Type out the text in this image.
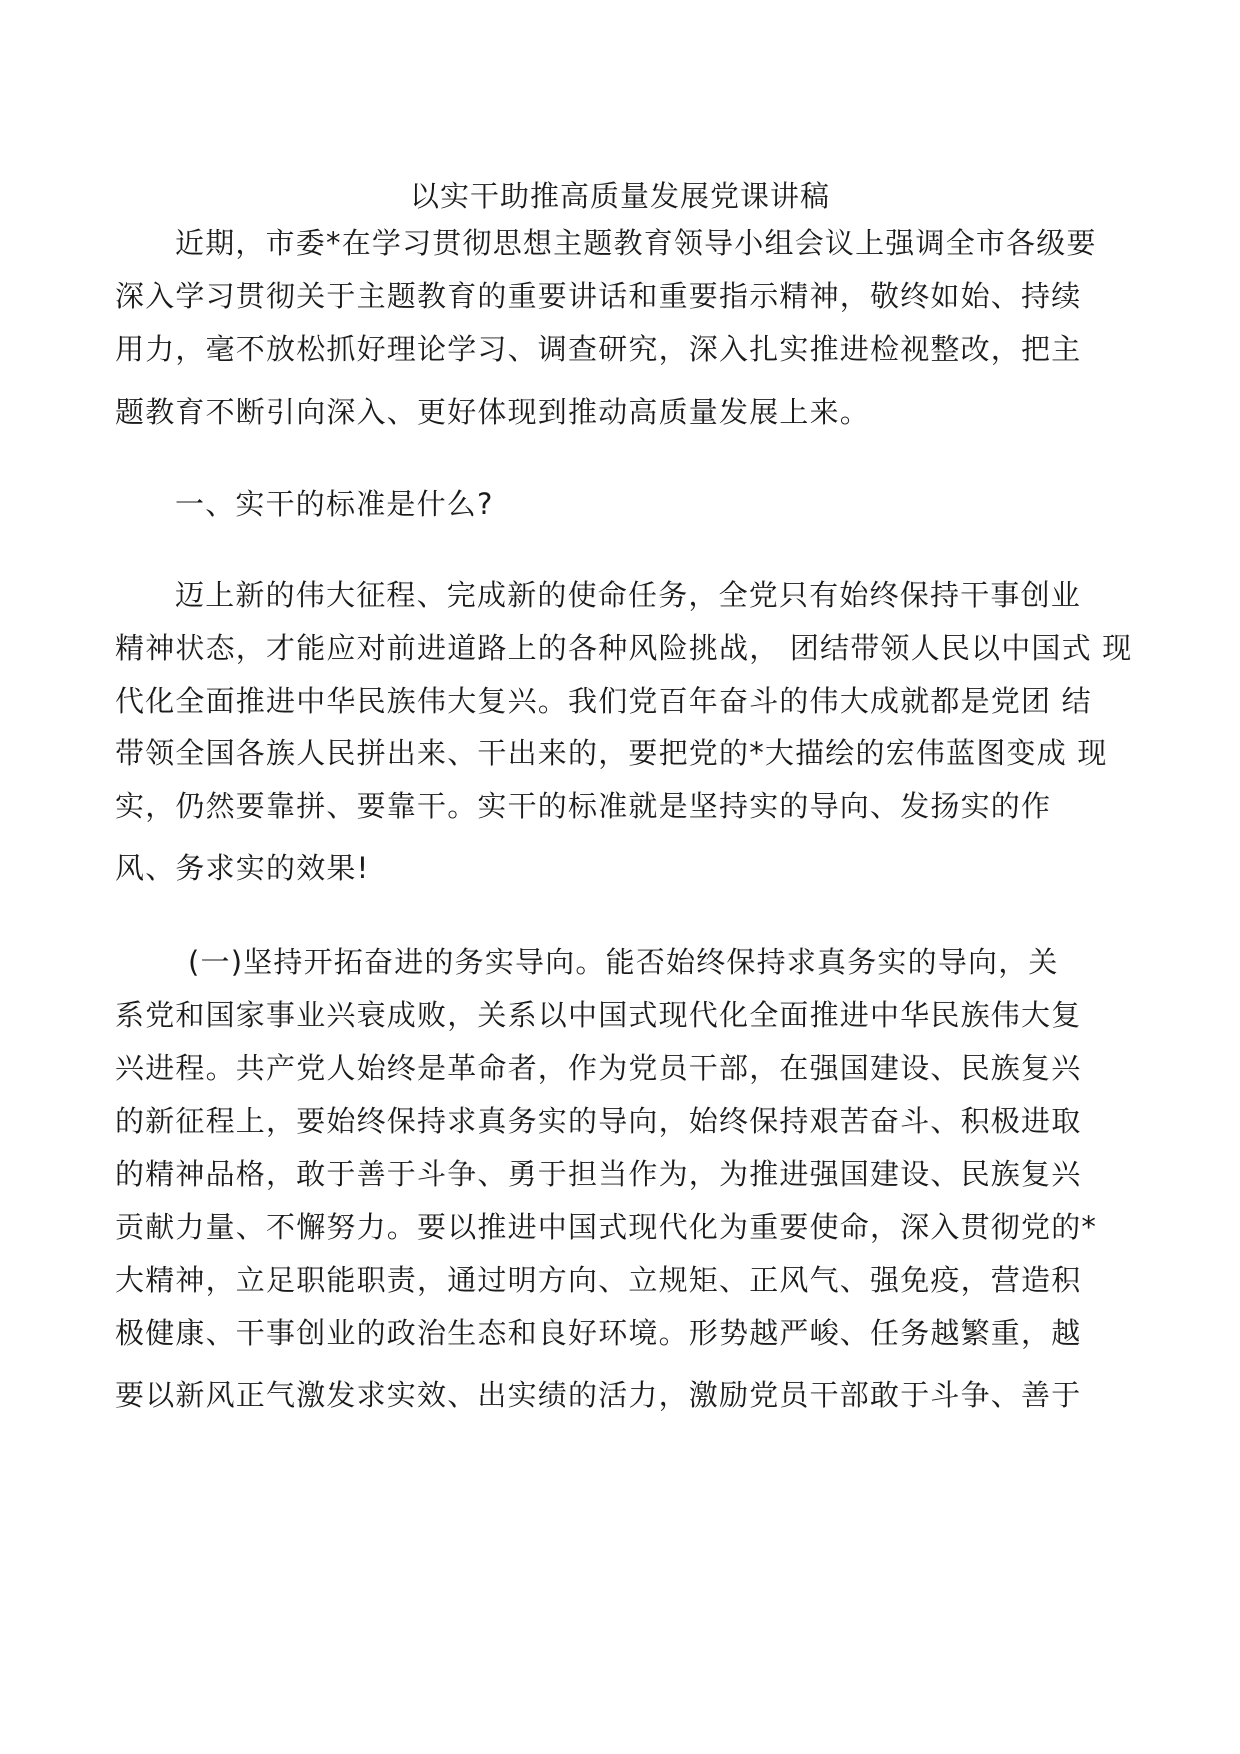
以实干助推高质量发展党课讲稿
近期，市委*在学习贯彻思想主题教育领导小组会议上强调全市各级要
深入学习贯彻关于主题教育的重要讲话和重要指示精神，敬终如始、持续
用力，毫不放松抓好理论学习、调查研究，深入扎实推进检视整改，把主
题教育不断引向深入、更好体现到推动高质量发展上来。
一、实干的标准是什么?
迈上新的伟大征程、完成新的使命任务，全党只有始终保持干事创业
精神状态，才能应对前进道路上的各种风险挑战， 团结带领人民以中国式 现
代化全面推进中华民族伟大复兴。我们党百年奋斗的伟大成就都是党团 结
带领全国各族人民拼出来、干出来的，要把党的*大描绘的宏伟蓝图变成 现
实，仍然要靠拼、要靠干。实干的标准就是坚持实的导向、发扬实的作
风、务求实的效果!
(一)坚持开拓奋进的务实导向。能否始终保持求真务实的导向，关
系党和国家事业兴衰成败，关系以中国式现代化全面推进中华民族伟大复
兴进程。共产党人始终是革命者，作为党员干部，在强国建设、民族复兴
的新征程上，要始终保持求真务实的导向，始终保持艰苦奋斗、积极进取
的精神品格，敢于善于斗争、勇于担当作为，为推进强国建设、民族复兴
贡献力量、不懈努力。要以推进中国式现代化为重要使命，深入贯彻党的*
大精神，立足职能职责，通过明方向、立规矩、正风气、强免疫，营造积
极健康、干事创业的政治生态和良好环境。形势越严峻、任务越繁重，越
要以新风正气激发求实效、出实绩的活力，激励党员干部敢于斗争、善于
